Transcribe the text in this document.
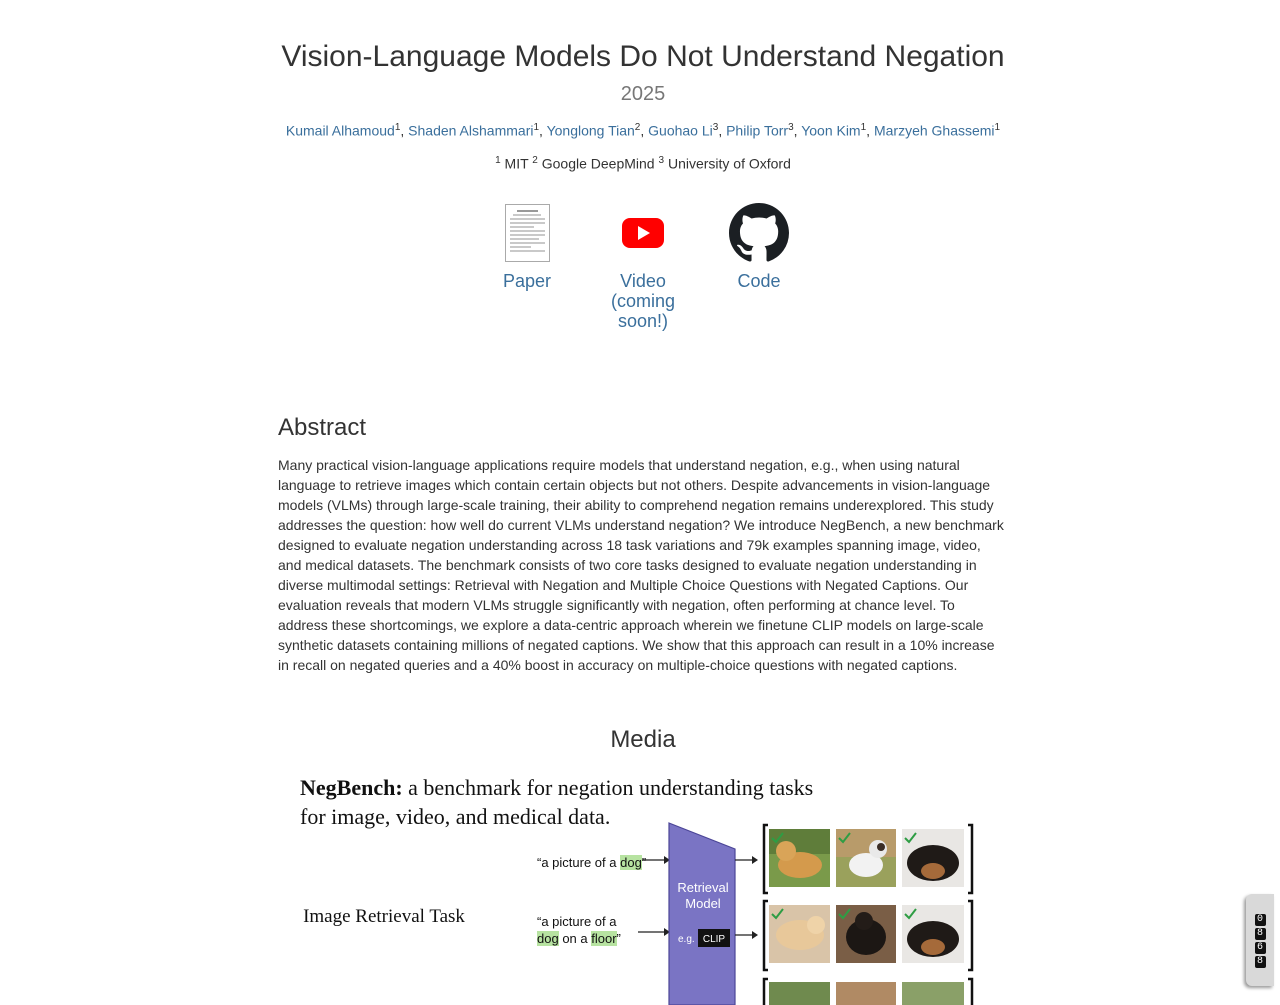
Vision-Language Models Do Not Understand Negation
2025
Kumail Alhamoud$^1$, Shaden Alshammari$^1$, Yonglong Tian$^2$, Guohao Li$^3$, Philip Torr$^3$, Yoon Kim$^1$, Marzyeh Ghassemi$^1$
$^1$ MIT $^2$ Google DeepMind $^3$ University of Oxford
Paper	Video (coming soon!)
Code
Abstract

Many practical vision-language applications require models that understand negation, e.g., when using natural language to retrieve images which contain certain objects but not others. Despite advancements in vision-language models (VLMs) through large-scale training, their ability to comprehend negation remains underexplored. This study addresses the question: how well do current VLMs understand negation? We introduce NegBench, a new benchmark designed to evaluate negation understanding across 18 task variations and 79k examples spanning image, video, and medical datasets. The benchmark consists of two core tasks designed to evaluate negation understanding in diverse multimodal settings: Retrieval with Negation and Multiple Choice Questions with Negated Captions. Our evaluation reveals that modern VLMs struggle significantly with negation, often performing at chance level. To address these shortcomings, we explore a data-centric approach wherein we finetune CLIP models on large-scale synthetic datasets containing millions of negated captions. We show that this approach can result in a 10% increase in recall on negated queries and a 40% boost in accuracy on multiple-choice questions with negated captions.

Media
NegBench: a benchmark for negation understanding tasks
for image, video, and medical data.
Image Retrieval Task
“a picture of a dog”
“a picture of a
dog on a floor”
Retrieval
Model
e.g. CLIP
0
8
6
8
